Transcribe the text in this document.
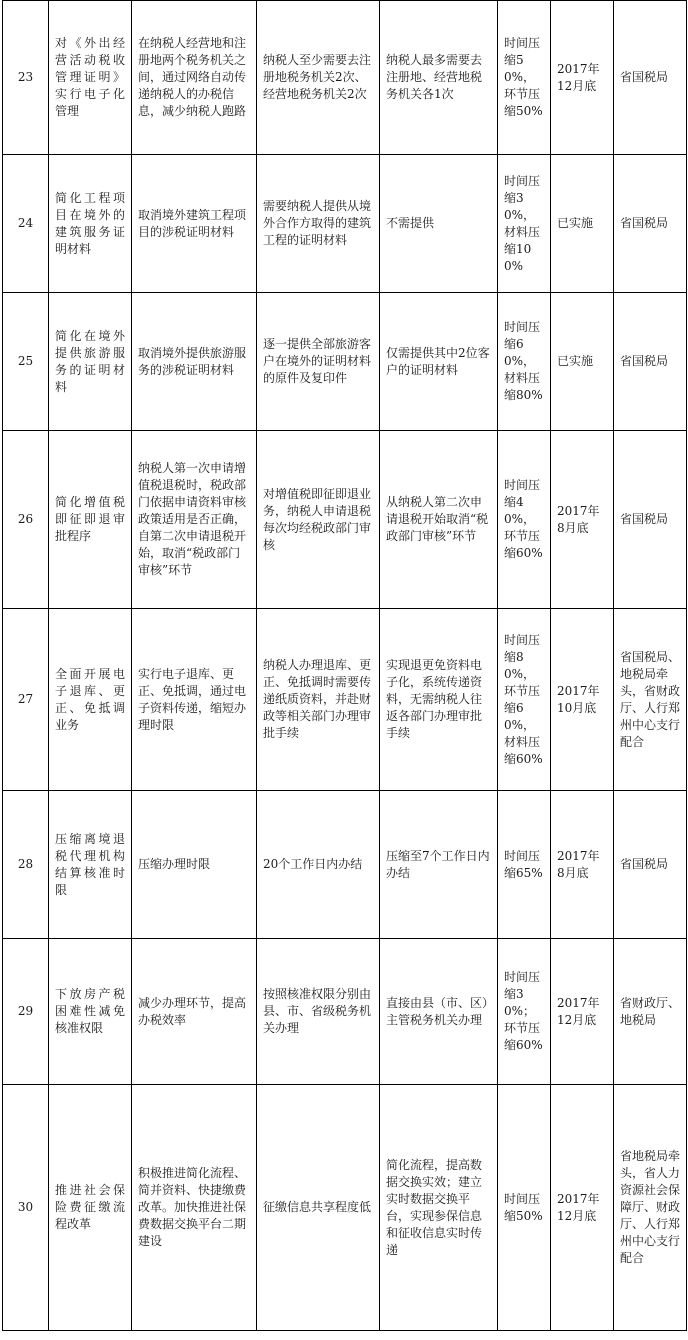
23	对《外出经营活动税收管理证明》实行电子化管理	在纳税人经营地和注册地两个税务机关之间，通过网络自动传递纳税人的办税信息，减少纳税人跑路	纳税人至少需要去注册地税务机关2次、经营地税务机关2次	纳税人最多需要去注册地、经营地税务机关各1次	时间压缩50%，环节压缩50%	2017年12月底	省国税局
24	简化工程项目在境外的建筑服务证明材料	取消境外建筑工程项目的涉税证明材料	需要纳税人提供从境外合作方取得的建筑工程的证明材料	不需提供	时间压缩30%，材料压缩100%	已实施	省国税局
25	简化在境外提供旅游服务的证明材料	取消境外提供旅游服务的涉税证明材料	逐一提供全部旅游客户在境外的证明材料的原件及复印件	仅需提供其中2位客户的证明材料	时间压缩60%，材料压缩80%	已实施	省国税局
26	简化增值税即征即退审批程序	纳税人第一次申请增值税退税时，税政部门依据申请资料审核政策适用是否正确，自第二次申请退税开始，取消“税政部门审核”环节	对增值税即征即退业务，纳税人申请退税每次均经税政部门审核	从纳税人第二次申请退税开始取消“税政部门审核”环节	时间压缩40%，环节压缩60%	2017年8月底	省国税局
27	全面开展电子退库、更正、免抵调业务	实行电子退库、更正、免抵调，通过电子资料传递，缩短办理时限	纳税人办理退库、更正、免抵调时需要传递纸质资料，并赴财政等相关部门办理审批手续	实现退更免资料电子化，系统传递资料，无需纳税人往返各部门办理审批手续	时间压缩80%，环节压缩60%，材料压缩60%	2017年10月底	省国税局、地税局牵头，省财政厅、人行郑州中心支行配合
28	压缩离境退税代理机构结算核准时限	压缩办理时限	20个工作日内办结	压缩至7个工作日内办结	时间压缩65%	2017年8月底	省国税局
29	下放房产税困难性减免核准权限	减少办理环节，提高办税效率	按照核准权限分别由县、市、省级税务机关办理	直接由县（市、区）主管税务机关办理	时间压缩30%；环节压缩60%	2017年12月底	省财政厅、地税局
30	推进社会保险费征缴流程改革	积极推进简化流程、简并资料、快捷缴费改革。加快推进社保费数据交换平台二期建设	征缴信息共享程度低	简化流程，提高数据交换实效；建立实时数据交换平台，实现参保信息和征收信息实时传递	时间压缩50%	2017年12月底	省地税局牵头，省人力资源社会保障厅、财政厅、人行郑州中心支行配合
